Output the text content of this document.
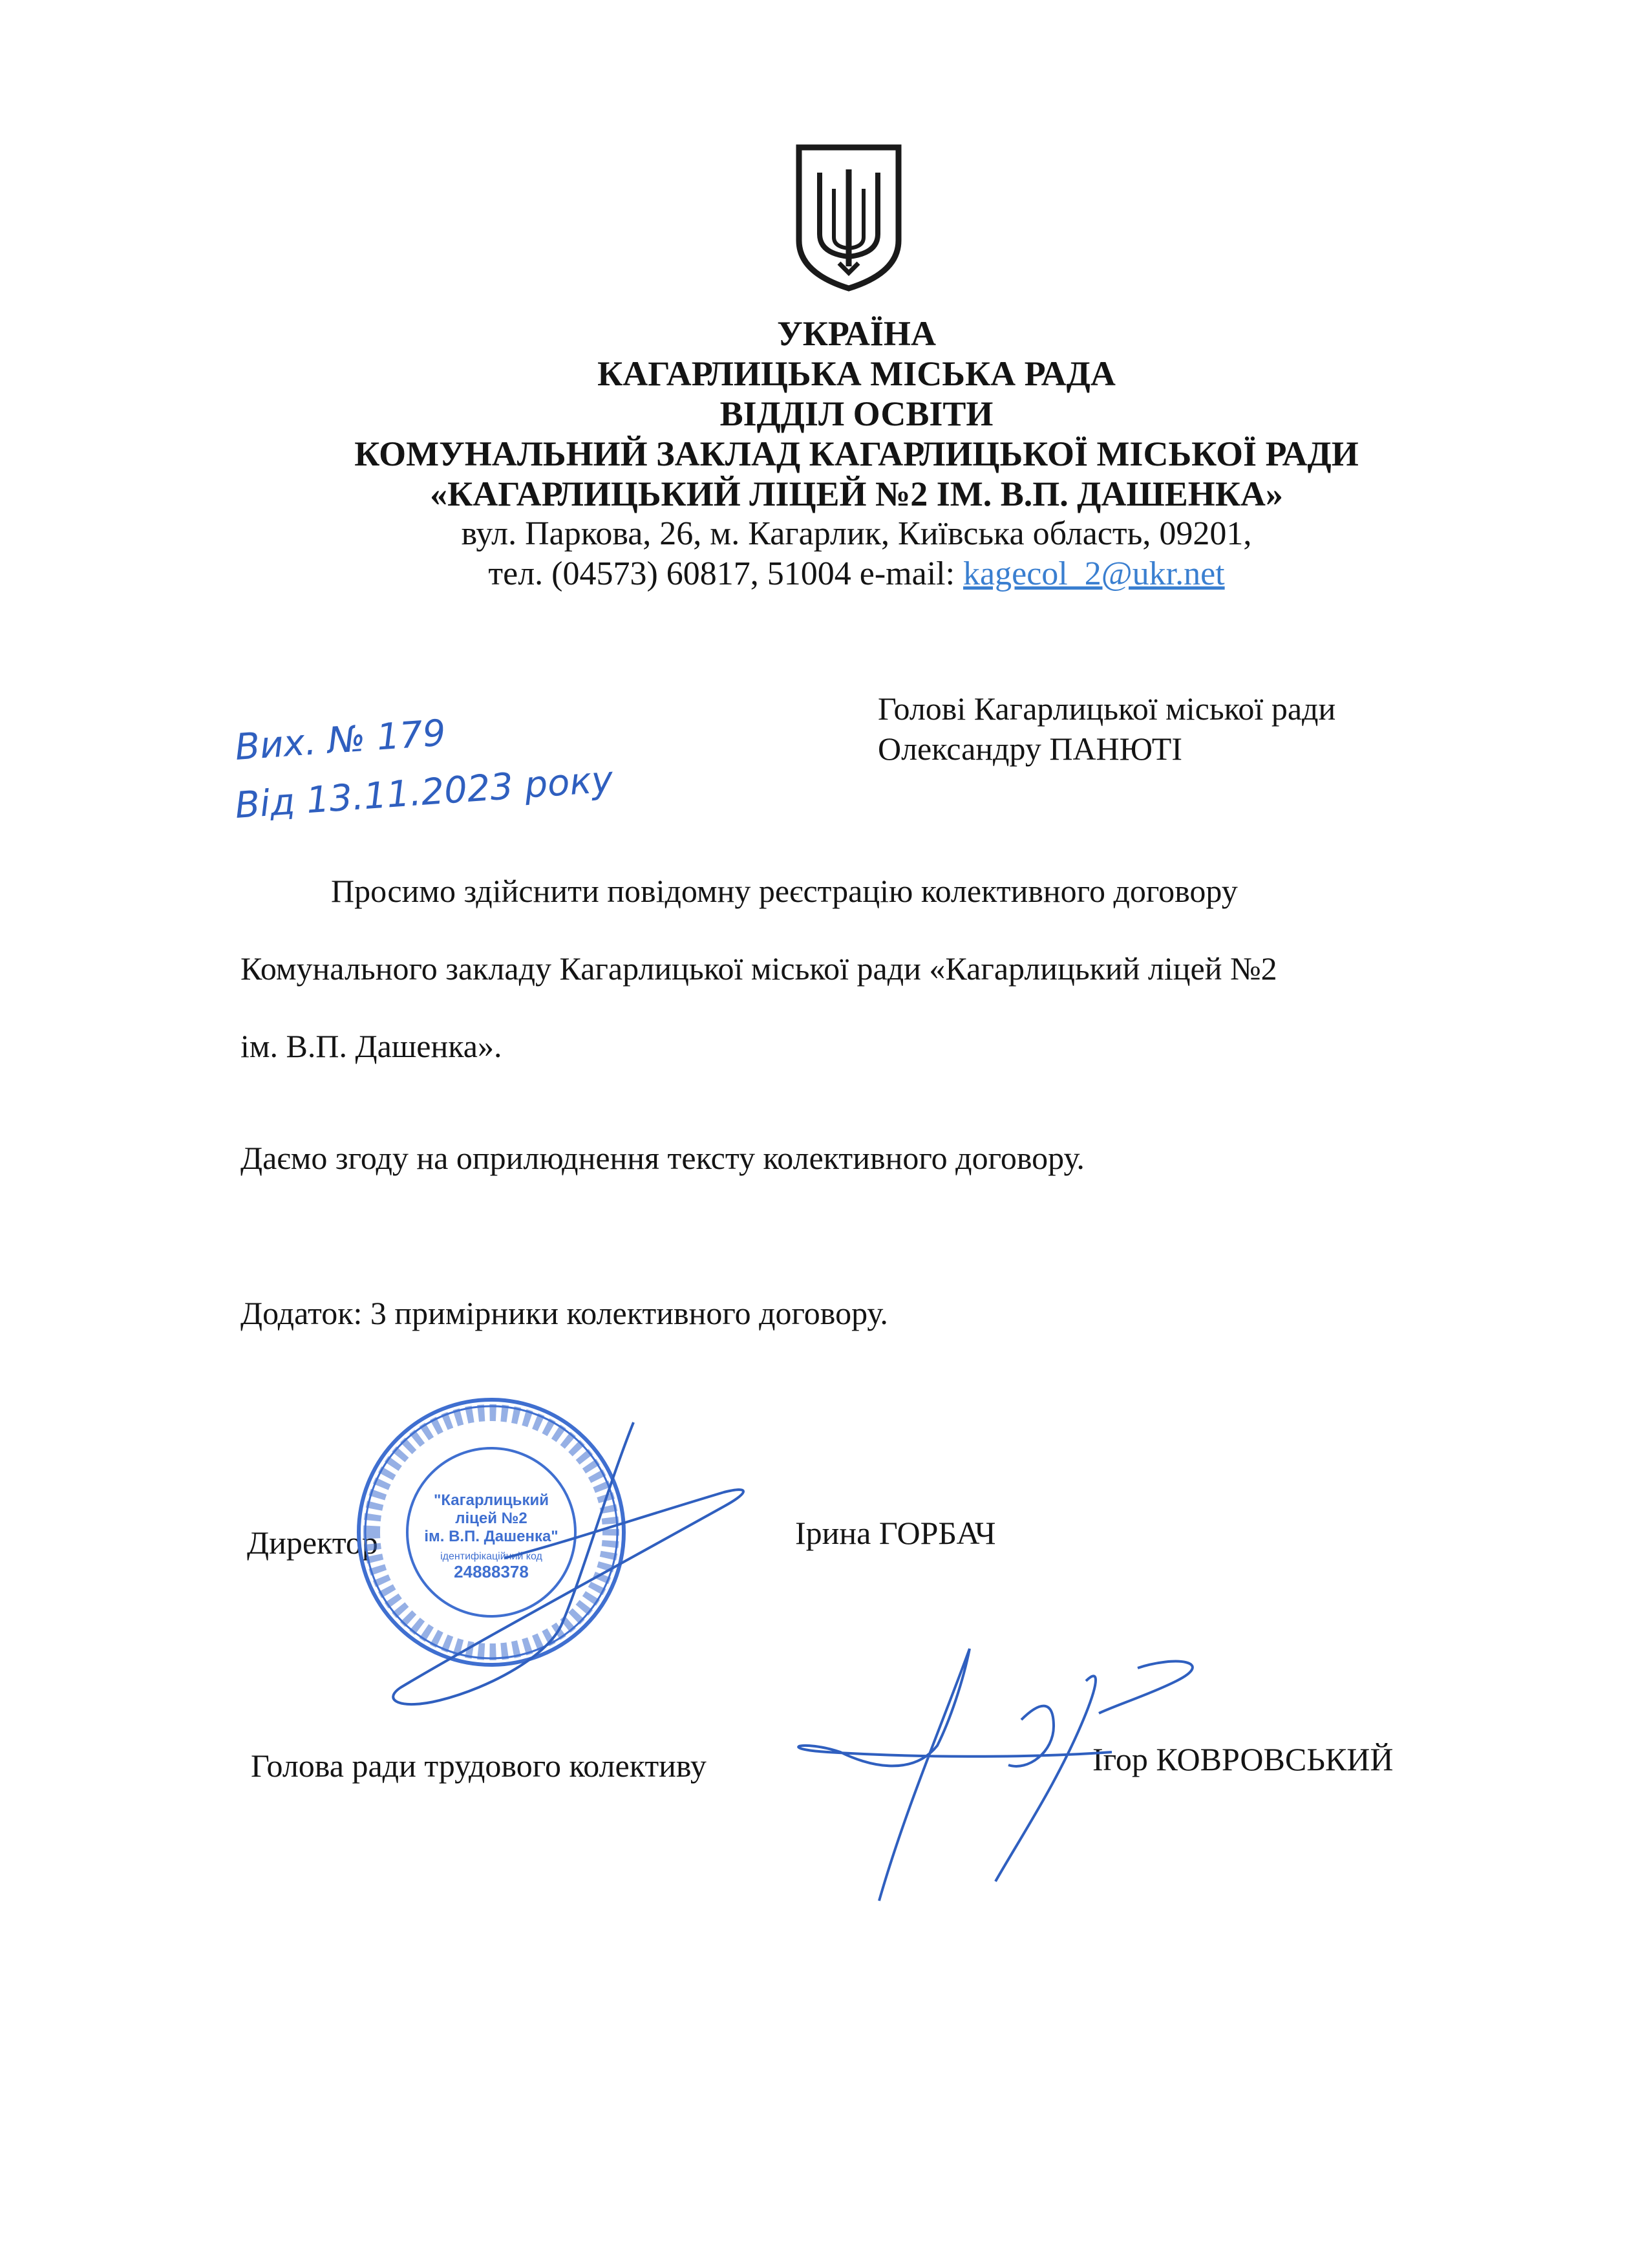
УКРАЇНА

КАГАРЛИЦЬКА МІСЬКА РАДА

ВІДДІЛ ОСВІТИ

КОМУНАЛЬНИЙ ЗАКЛАД КАГАРЛИЦЬКОЇ МІСЬКОЇ РАДИ

«КАГАРЛИЦЬКИЙ ЛІЦЕЙ №2 ІМ. В.П. ДАШЕНКА»

вул. Паркова, 26, м. Кагарлик, Київська область, 09201,

тел. (04573) 60817, 51004 e-mail: kagecol_2@ukr.net

Вих. № 179
Від 13.11.2023 року
Голові Кагарлицької міської ради
Олександру ПАНЮТІ
Просимо здійснити повідомну реєстрацію колективного договору
Комунального закладу Кагарлицької міської ради «Кагарлицький ліцей №2
ім. В.П. Дашенка».
Даємо згоду на оприлюднення тексту колективного договору.
Додаток: 3 примірники колективного договору.
Директор	Ірина ГОРБАЧ
Голова ради трудового колективу	Ігор КОВРОВСЬКИЙ
"Кагарлицький
ліцей №2
ім. В.П. Дашенка"
ідентифікаційний код
24888378
